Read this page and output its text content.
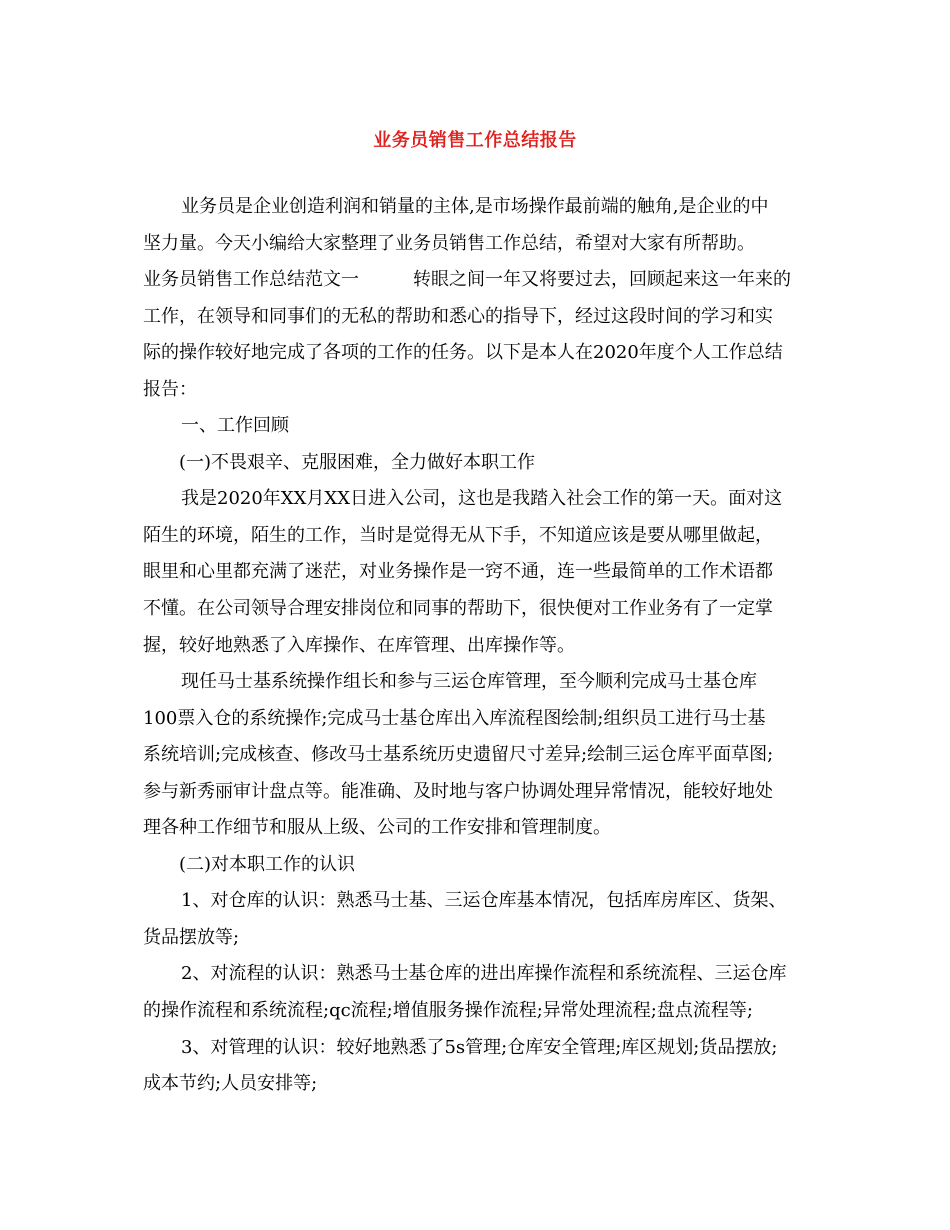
业务员销售工作总结报告
业务员是企业创造利润和销量的主体,是市场操作最前端的触角,是企业的中
坚力量。今天小编给大家整理了业务员销售工作总结，希望对大家有所帮助。
业务员销售工作总结范文一　　　转眼之间一年又将要过去，回顾起来这一年来的
工作，在领导和同事们的无私的帮助和悉心的指导下，经过这段时间的学习和实
际的操作较好地完成了各项的工作的任务。以下是本人在2020年度个人工作总结
报告：
一、工作回顾
(一)不畏艰辛、克服困难，全力做好本职工作
我是2020年XX月XX日进入公司，这也是我踏入社会工作的第一天。面对这
陌生的环境，陌生的工作，当时是觉得无从下手，不知道应该是要从哪里做起，
眼里和心里都充满了迷茫，对业务操作是一窍不通，连一些最简单的工作术语都
不懂。在公司领导合理安排岗位和同事的帮助下，很快便对工作业务有了一定掌
握，较好地熟悉了入库操作、在库管理、出库操作等。
现任马士基系统操作组长和参与三运仓库管理，至今顺利完成马士基仓库
100票入仓的系统操作;完成马士基仓库出入库流程图绘制;组织员工进行马士基
系统培训;完成核查、修改马士基系统历史遗留尺寸差异;绘制三运仓库平面草图;
参与新秀丽审计盘点等。能准确、及时地与客户协调处理异常情况，能较好地处
理各种工作细节和服从上级、公司的工作安排和管理制度。
(二)对本职工作的认识
1、对仓库的认识：熟悉马士基、三运仓库基本情况，包括库房库区、货架、
货品摆放等;
2、对流程的认识：熟悉马士基仓库的进出库操作流程和系统流程、三运仓库
的操作流程和系统流程;qc流程;增值服务操作流程;异常处理流程;盘点流程等;
3、对管理的认识：较好地熟悉了5s管理;仓库安全管理;库区规划;货品摆放;
成本节约;人员安排等;
